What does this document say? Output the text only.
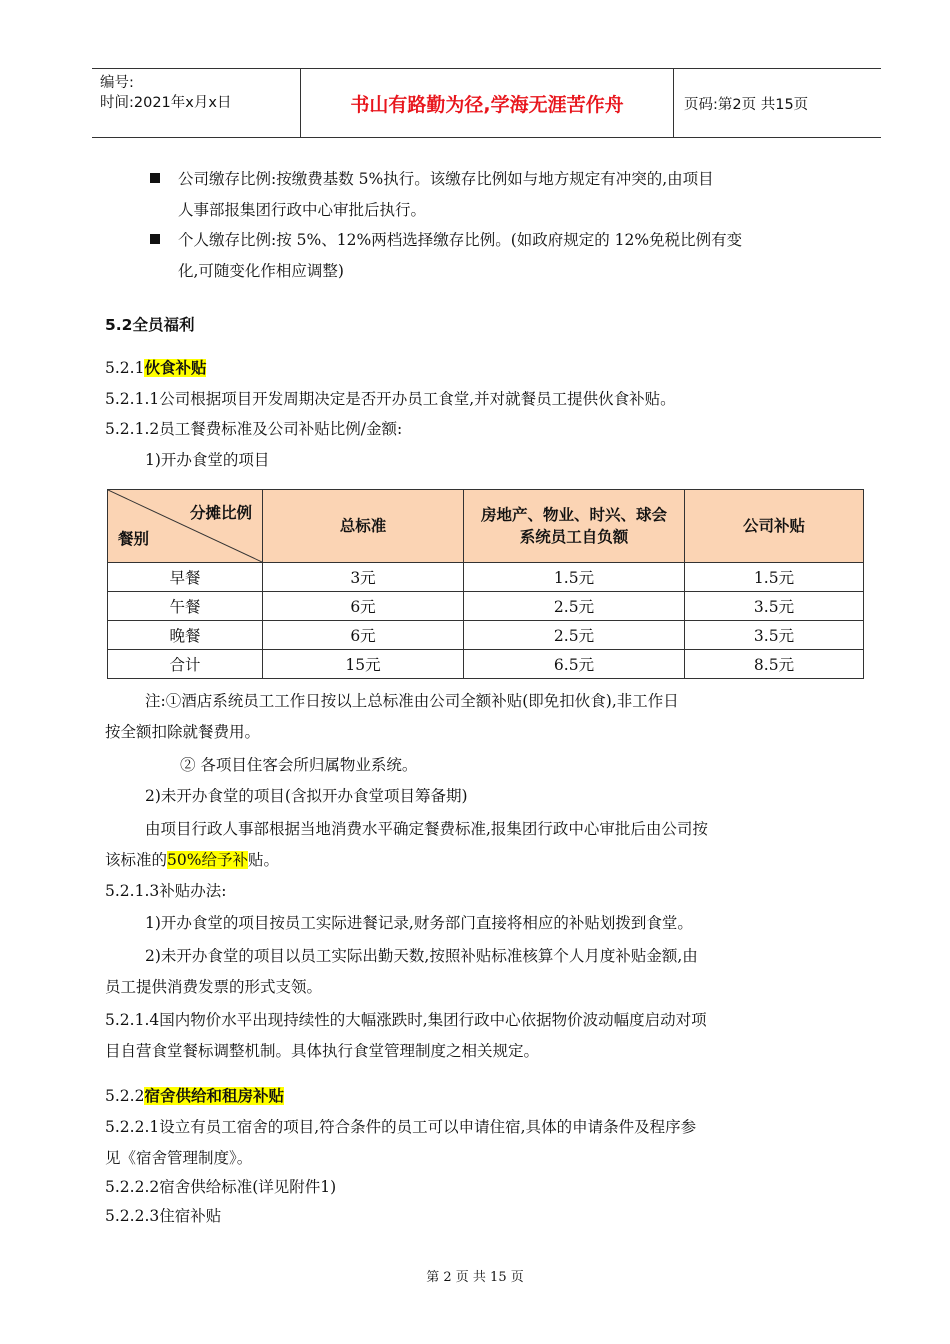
编号:
时间:2021年x月x日	书山有路勤为径,学海无涯苦作舟	页码:第2页 共15页
公司缴存比例:按缴费基数 5%执行。该缴存比例如与地方规定有冲突的,由项目
人事部报集团行政中心审批后执行。
个人缴存比例:按 5%、12%两档选择缴存比例。(如政府规定的 12%免税比例有变
化,可随变化作相应调整)
5.2全员福利
5.2.1伙食补贴
5.2.1.1公司根据项目开发周期决定是否开办员工食堂,并对就餐员工提供伙食补贴。
5.2.1.2员工餐费标准及公司补贴比例/金额:
1)开办食堂的项目
分摊比例
餐别	总标准	房地产、物业、时兴、球会系统员工自负额	公司补贴
早餐	3元	1.5元	1.5元
午餐	6元	2.5元	3.5元
晚餐	6元	2.5元	3.5元
合计	15元	6.5元	8.5元
注:①酒店系统员工工作日按以上总标准由公司全额补贴(即免扣伙食),非工作日
按全额扣除就餐费用。
② 各项目住客会所归属物业系统。
2)未开办食堂的项目(含拟开办食堂项目筹备期)
由项目行政人事部根据当地消费水平确定餐费标准,报集团行政中心审批后由公司按
该标准的50%给予补贴。
5.2.1.3补贴办法:
1)开办食堂的项目按员工实际进餐记录,财务部门直接将相应的补贴划拨到食堂。
2)未开办食堂的项目以员工实际出勤天数,按照补贴标准核算个人月度补贴金额,由
员工提供消费发票的形式支领。
5.2.1.4国内物价水平出现持续性的大幅涨跌时,集团行政中心依据物价波动幅度启动对项
目自营食堂餐标调整机制。具体执行食堂管理制度之相关规定。
5.2.2宿舍供给和租房补贴
5.2.2.1设立有员工宿舍的项目,符合条件的员工可以申请住宿,具体的申请条件及程序参
见《宿舍管理制度》。
5.2.2.2宿舍供给标准(详见附件1)
5.2.2.3住宿补贴
第 2 页 共 15 页
